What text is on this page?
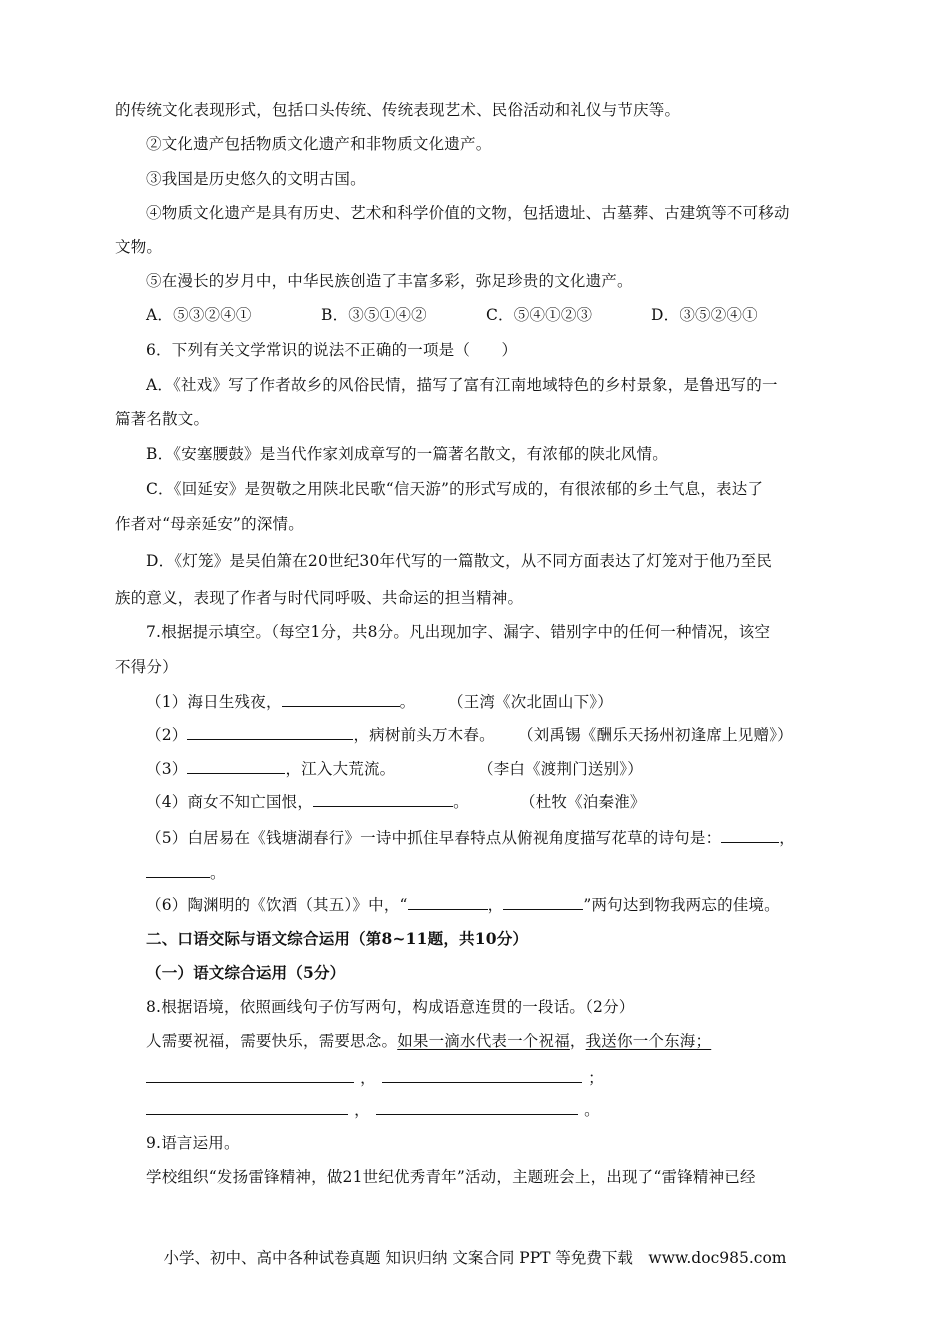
的传统文化表现形式，包括口头传统、传统表现艺术、民俗活动和礼仪与节庆等。
②文化遗产包括物质文化遗产和非物质文化遗产。
③我国是历史悠久的文明古国。
④物质文化遗产是具有历史、艺术和科学价值的文物，包括遗址、古墓葬、古建筑等不可移动
文物。
⑤在漫长的岁月中，中华民族创造了丰富多彩，弥足珍贵的文化遗产。
A．⑤③②④①	B．③⑤①④②	C．⑤④①②③	D．③⑤②④①
6．下列有关文学常识的说法不正确的一项是（　　）
A．《社戏》写了作者故乡的风俗民情，描写了富有江南地域特色的乡村景象，是鲁迅写的一
篇著名散文。
B．《安塞腰鼓》是当代作家刘成章写的一篇著名散文，有浓郁的陕北风情。
C．《回延安》是贺敬之用陕北民歌“信天游”的形式写成的，有很浓郁的乡土气息，表达了
作者对“母亲延安”的深情。
D．《灯笼》是吴伯箫在20世纪30年代写的一篇散文，从不同方面表达了灯笼对于他乃至民
族的意义，表现了作者与时代同呼吸、共命运的担当精神。
7.根据提示填空。（每空1分，共8分。凡出现加字、漏字、错别字中的任何一种情况，该空
不得分）
（1）海日生残夜，	。 （王湾《次北固山下》）
（2）	，病树前头万木春。 （刘禹锡《酬乐天扬州初逢席上见赠》）
（3）	，江入大荒流。	（李白《渡荆门送别》）
（4）商女不知亡国恨，	。	（杜牧《泊秦淮》
（5）白居易在《钱塘湖春行》一诗中抓住早春特点从俯视角度描写花草的诗句是：	，
。
（6）陶渊明的《饮酒（其五）》中，“	，	”两句达到物我两忘的佳境。
二、口语交际与语文综合运用（第8~11题，共10分）
（一）语文综合运用（5分）
8.根据语境，依照画线句子仿写两句，构成语意连贯的一段话。（2分）
人需要祝福，需要快乐，需要思念。如果一滴水代表一个祝福，我送你一个东海；
，	；
，	。
9.语言运用。
学校组织“发扬雷锋精神，做21世纪优秀青年”活动，主题班会上，出现了“雷锋精神已经
小学、初中、高中各种试卷真题 知识归纳 文案合同 PPT 等免费下载　www.doc985.com
